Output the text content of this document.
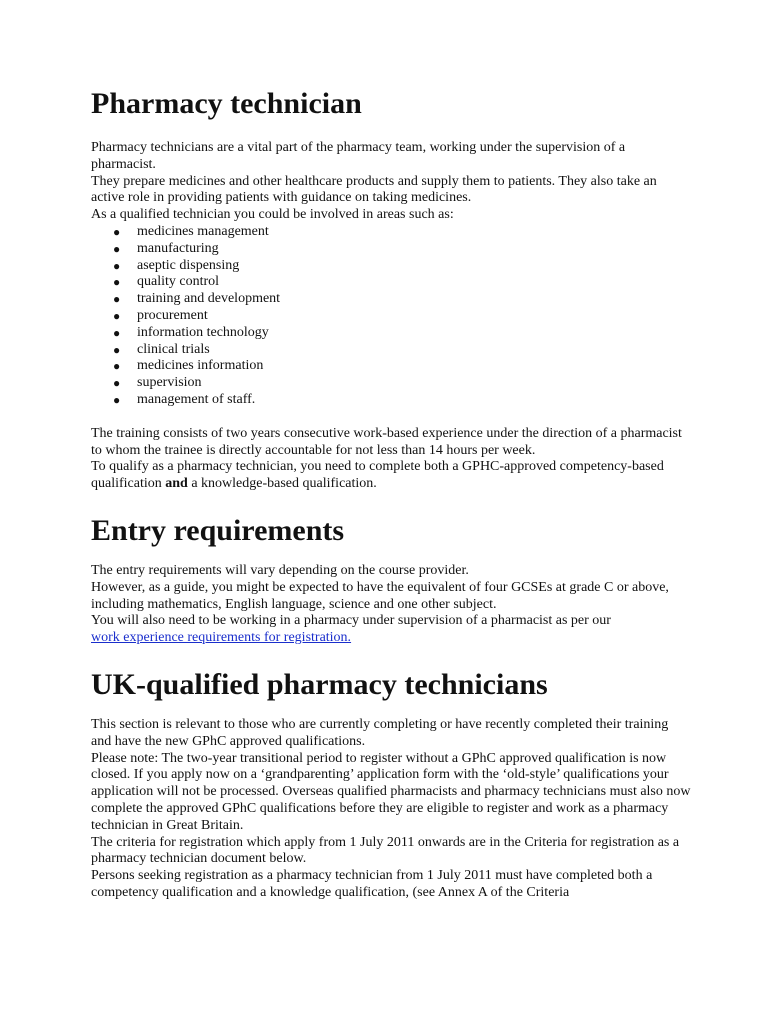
Pharmacy technician

Pharmacy technicians are a vital part of the pharmacy team, working under the supervision of a pharmacist.

They prepare medicines and other healthcare products and supply them to patients. They also take an active role in providing patients with guidance on taking medicines.

As a qualified technician you could be involved in areas such as:

● medicines management
● manufacturing
● aseptic dispensing
● quality control
● training and development
● procurement
● information technology
● clinical trials
● medicines information
● supervision
● management of staff.

The training consists of two years consecutive work-based experience under the direction of a pharmacist to whom the trainee is directly accountable for not less than 14 hours per week.

To qualify as a pharmacy technician, you need to complete both a GPHC-approved competency-based qualification and a knowledge-based qualification.

Entry requirements

The entry requirements will vary depending on the course provider.

However, as a guide, you might be expected to have the equivalent of four GCSEs at grade C or above, including mathematics, English language, science and one other subject.

You will also need to be working in a pharmacy under supervision of a pharmacist as per our

work experience requirements for registration.

UK-qualified pharmacy technicians

This section is relevant to those who are currently completing or have recently completed their training and have the new GPhC approved qualifications.

Please note: The two-year transitional period to register without a GPhC approved qualification is now closed. If you apply now on a ‘grandparenting’ application form with the ‘old-style’ qualifications your application will not be processed. Overseas qualified pharmacists and pharmacy technicians must also now complete the approved GPhC qualifications before they are eligible to register and work as a pharmacy technician in Great Britain.

The criteria for registration which apply from 1 July 2011 onwards are in the Criteria for registration as a pharmacy technician document below.

Persons seeking registration as a pharmacy technician from 1 July 2011 must have completed both a competency qualification and a knowledge qualification, (see Annex A of the Criteria
